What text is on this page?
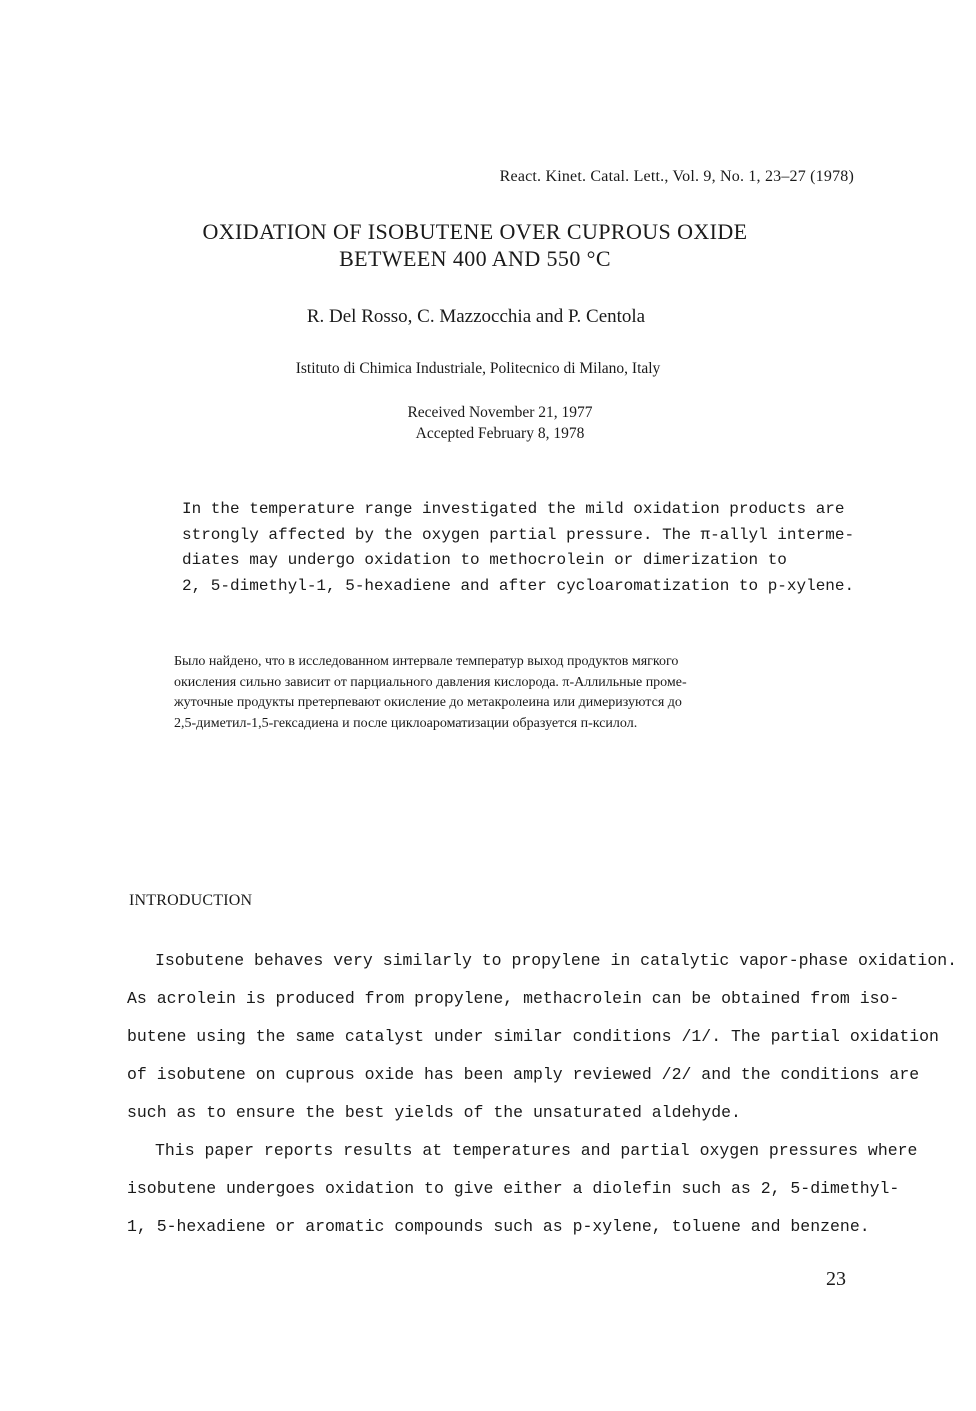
React. Kinet. Catal. Lett., Vol. 9, No. 1, 23–27 (1978)
OXIDATION OF ISOBUTENE OVER CUPROUS OXIDE
BETWEEN 400 AND 550 °C
R. Del Rosso, C. Mazzocchia and P. Centola
Istituto di Chimica Industriale, Politecnico di Milano, Italy
Received November 21, 1977
Accepted February 8, 1978
In the temperature range investigated the mild oxidation products are
strongly affected by the oxygen partial pressure. The π-allyl interme-
diates may undergo oxidation to methocrolein or dimerization to
2, 5-dimethyl-1, 5-hexadiene and after cycloaromatization to p-xylene.
Было найдено, что в исследованном интервале температур выход продуктов мягкого
окисления сильно зависит от парциального давления кислорода. π-Аллильные проме-
жуточные продукты претерпевают окисление до метакролеина или димеризуются до
2,5-диметил-1,5-гексадиена и после циклоароматизации образуется п-ксилол.
INTRODUCTION
Isobutene behaves very similarly to propylene in catalytic vapor-phase oxidation.
As acrolein is produced from propylene, methacrolein can be obtained from iso-
butene using the same catalyst under similar conditions /1/. The partial oxidation
of isobutene on cuprous oxide has been amply reviewed /2/ and the conditions are
such as to ensure the best yields of the unsaturated aldehyde.
This paper reports results at temperatures and partial oxygen pressures where
isobutene undergoes oxidation to give either a diolefin such as 2, 5-dimethyl-
1, 5-hexadiene or aromatic compounds such as p-xylene, toluene and benzene.
23
